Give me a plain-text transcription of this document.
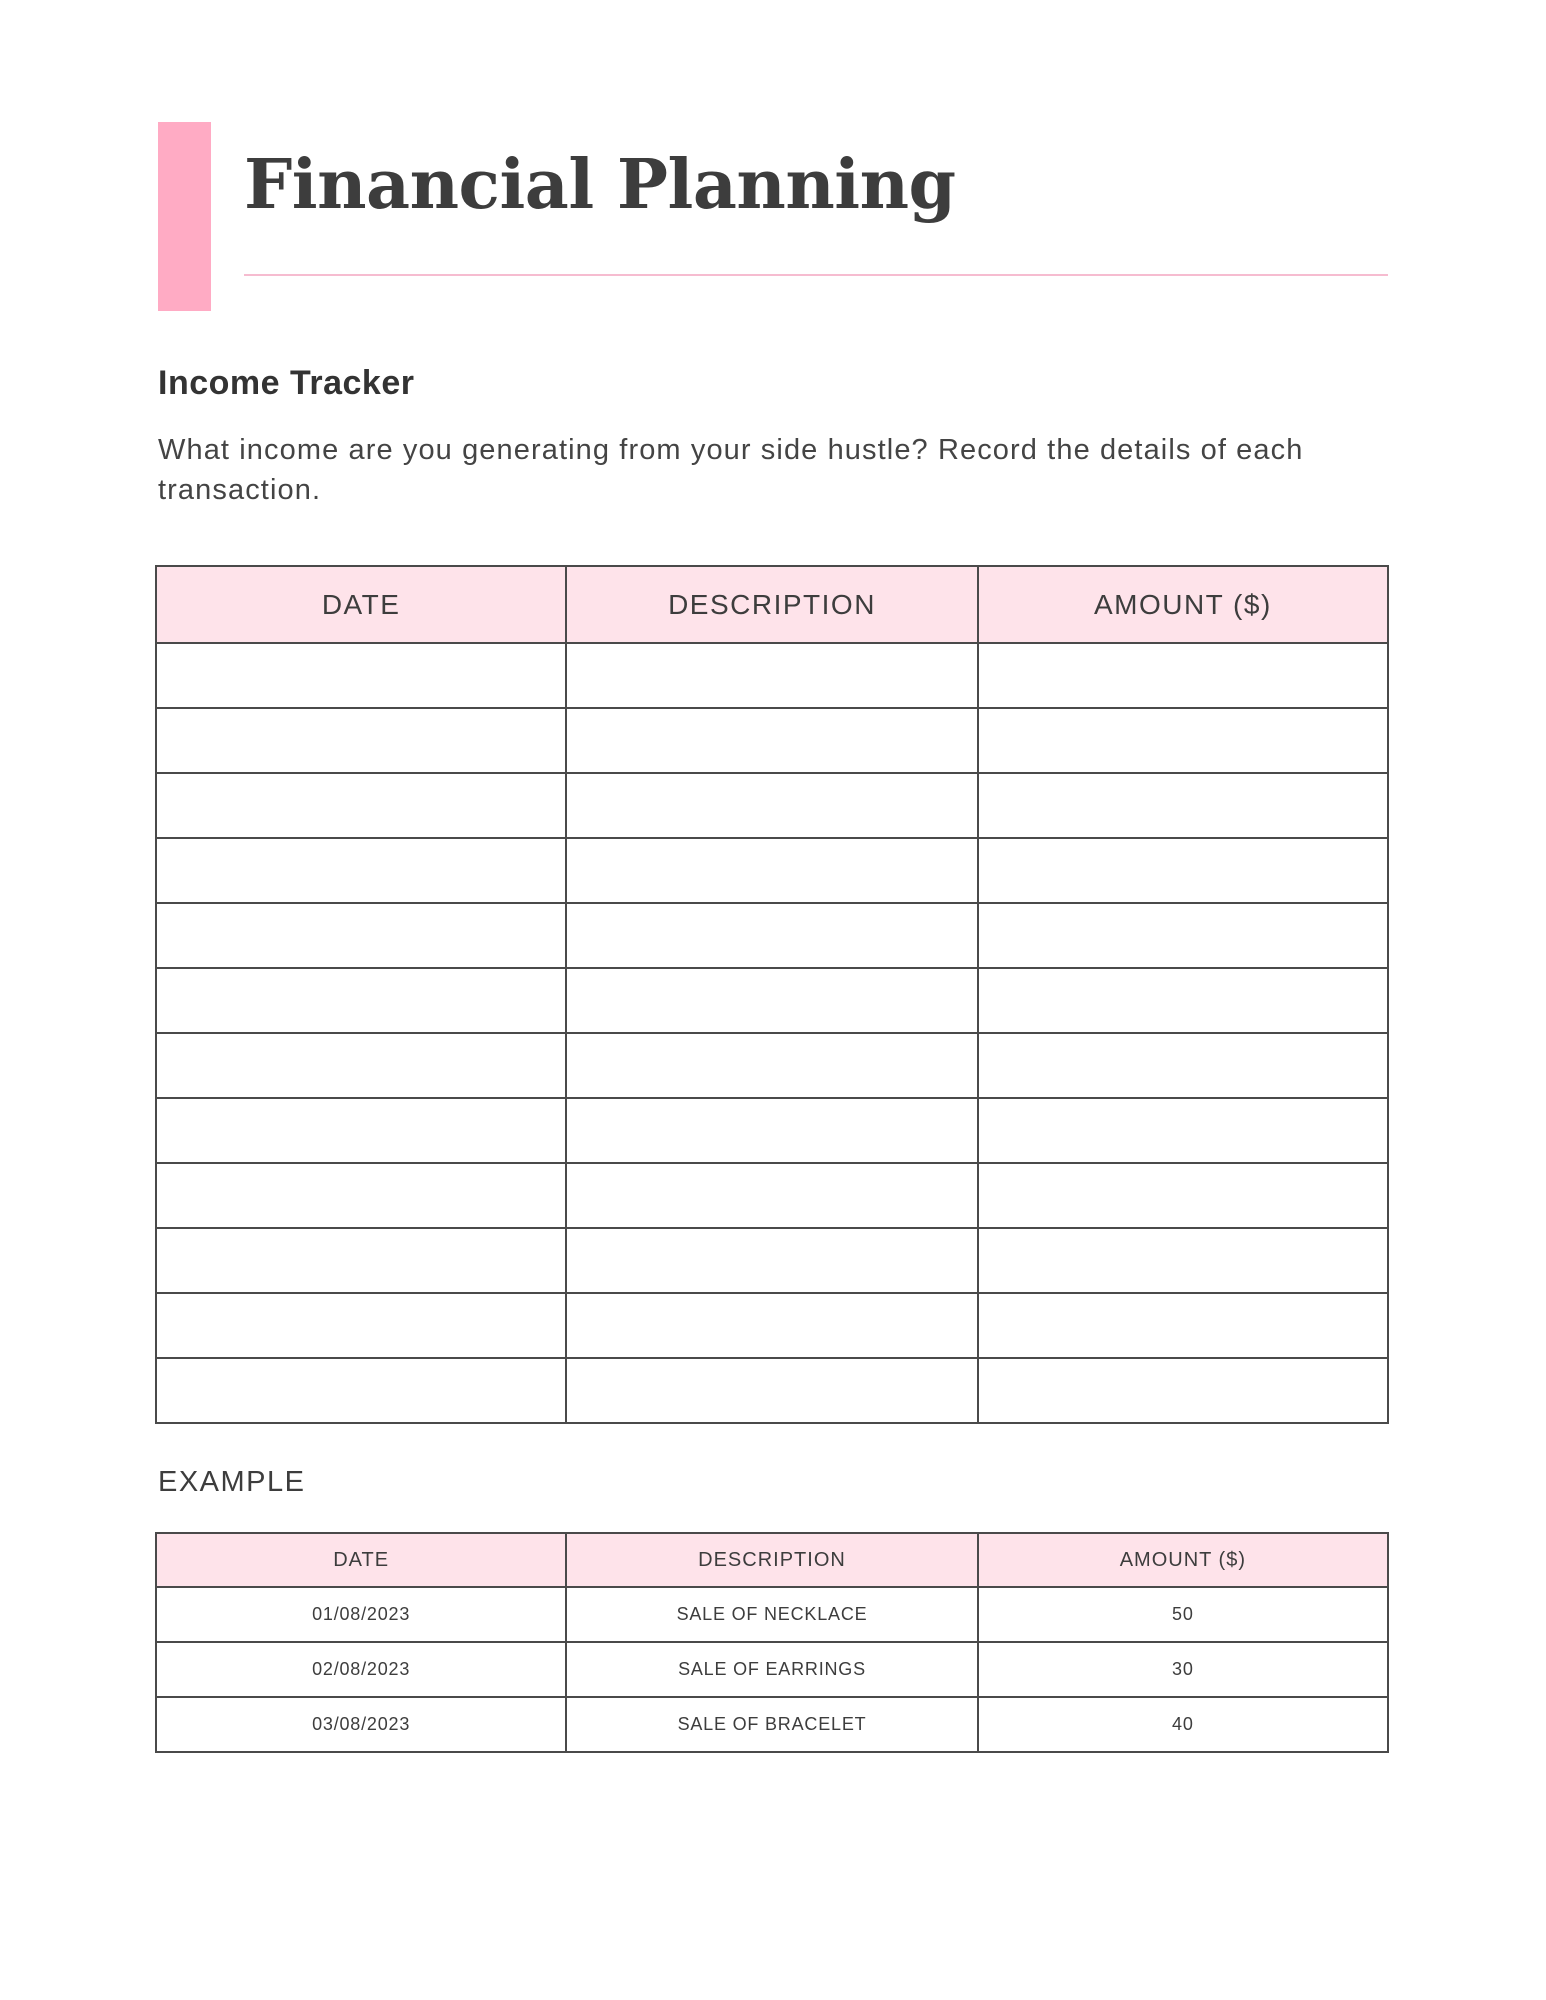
Financial Planning
Income Tracker

What income are you generating from your side hustle? Record the details of each transaction.

DATE	DESCRIPTION	AMOUNT ($)

EXAMPLE
DATE	DESCRIPTION	AMOUNT ($)
01/08/2023	SALE OF NECKLACE	50
02/08/2023	SALE OF EARRINGS	30
03/08/2023	SALE OF BRACELET	40
